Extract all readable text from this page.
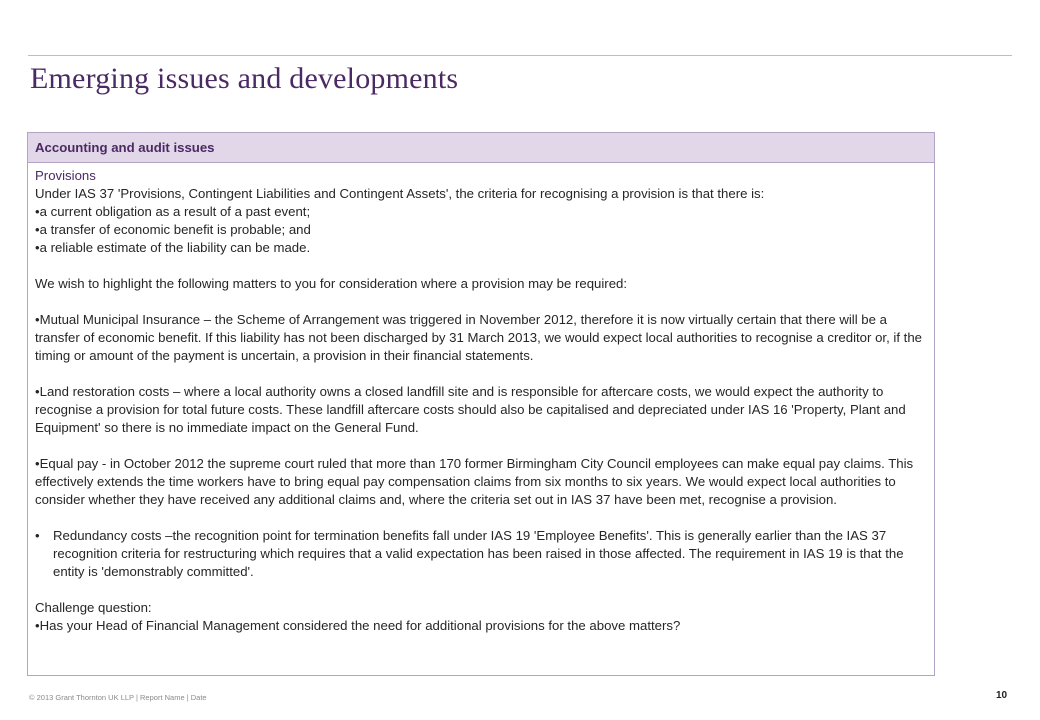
Emerging issues and developments
Accounting and audit issues

Provisions

Under IAS 37 'Provisions, Contingent Liabilities and Contingent Assets', the criteria for recognising a provision is that there is:

•a current obligation as a result of a past event;

•a transfer of economic benefit is probable; and

•a reliable estimate of the liability can be made.

We wish to highlight the following matters to you for consideration where a provision may be required:

•Mutual Municipal Insurance – the Scheme of Arrangement was triggered in November 2012, therefore it is now virtually certain that there will be a transfer of economic benefit. If this liability has not been discharged by 31 March 2013, we would expect local authorities to recognise a creditor or, if the timing or amount of the payment is uncertain, a provision in their financial statements.

•Land restoration costs – where a local authority owns a closed landfill site and is responsible for aftercare costs, we would expect the authority to recognise a provision for total future costs. These landfill aftercare costs should also be capitalised and depreciated under IAS 16 'Property, Plant and Equipment' so there is no immediate impact on the General Fund.

•Equal pay - in October 2012 the supreme court ruled that more than 170 former Birmingham City Council employees can make equal pay claims. This effectively extends the time workers have to bring equal pay compensation claims from six months to six years. We would expect local authorities to consider whether they have received any additional claims and, where the criteria set out in IAS 37 have been met, recognise a provision.

• Redundancy costs –the recognition point for termination benefits fall under IAS 19 'Employee Benefits'. This is generally earlier than the IAS 37 recognition criteria for restructuring which requires that a valid expectation has been raised in those affected. The requirement in IAS 19 is that the entity is 'demonstrably committed'.

Challenge question:

•Has your Head of Financial Management considered the need for additional provisions for the above matters?

© 2013 Grant Thornton UK LLP | Report Name | Date	10
